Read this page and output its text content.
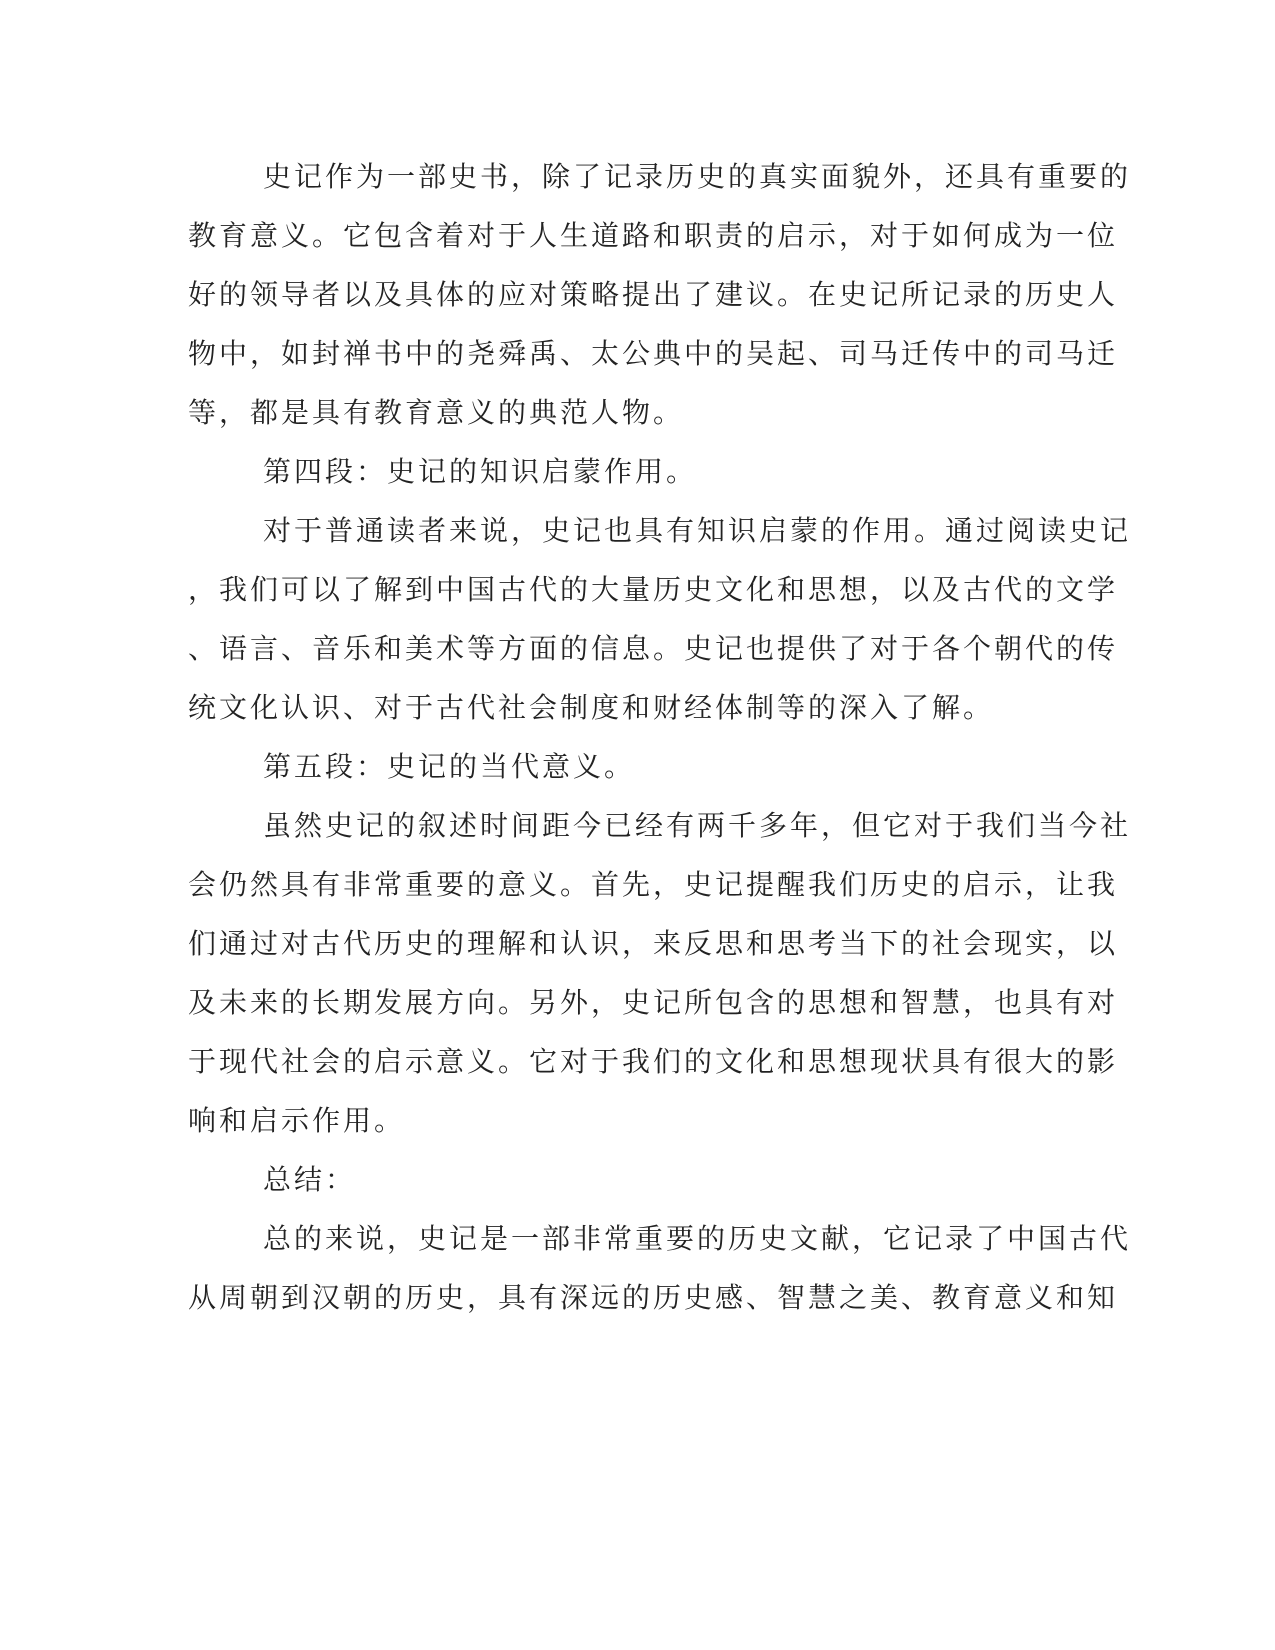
史记作为一部史书，除了记录历史的真实面貌外，还具有重要的
教育意义。它包含着对于人生道路和职责的启示，对于如何成为一位
好的领导者以及具体的应对策略提出了建议。在史记所记录的历史人
物中，如封禅书中的尧舜禹、太公典中的吴起、司马迁传中的司马迁
等，都是具有教育意义的典范人物。
第四段：史记的知识启蒙作用。
对于普通读者来说，史记也具有知识启蒙的作用。通过阅读史记
，我们可以了解到中国古代的大量历史文化和思想，以及古代的文学
、语言、音乐和美术等方面的信息。史记也提供了对于各个朝代的传
统文化认识、对于古代社会制度和财经体制等的深入了解。
第五段：史记的当代意义。
虽然史记的叙述时间距今已经有两千多年，但它对于我们当今社
会仍然具有非常重要的意义。首先，史记提醒我们历史的启示，让我
们通过对古代历史的理解和认识，来反思和思考当下的社会现实，以
及未来的长期发展方向。另外，史记所包含的思想和智慧，也具有对
于现代社会的启示意义。它对于我们的文化和思想现状具有很大的影
响和启示作用。
总结：
总的来说，史记是一部非常重要的历史文献，它记录了中国古代
从周朝到汉朝的历史，具有深远的历史感、智慧之美、教育意义和知
